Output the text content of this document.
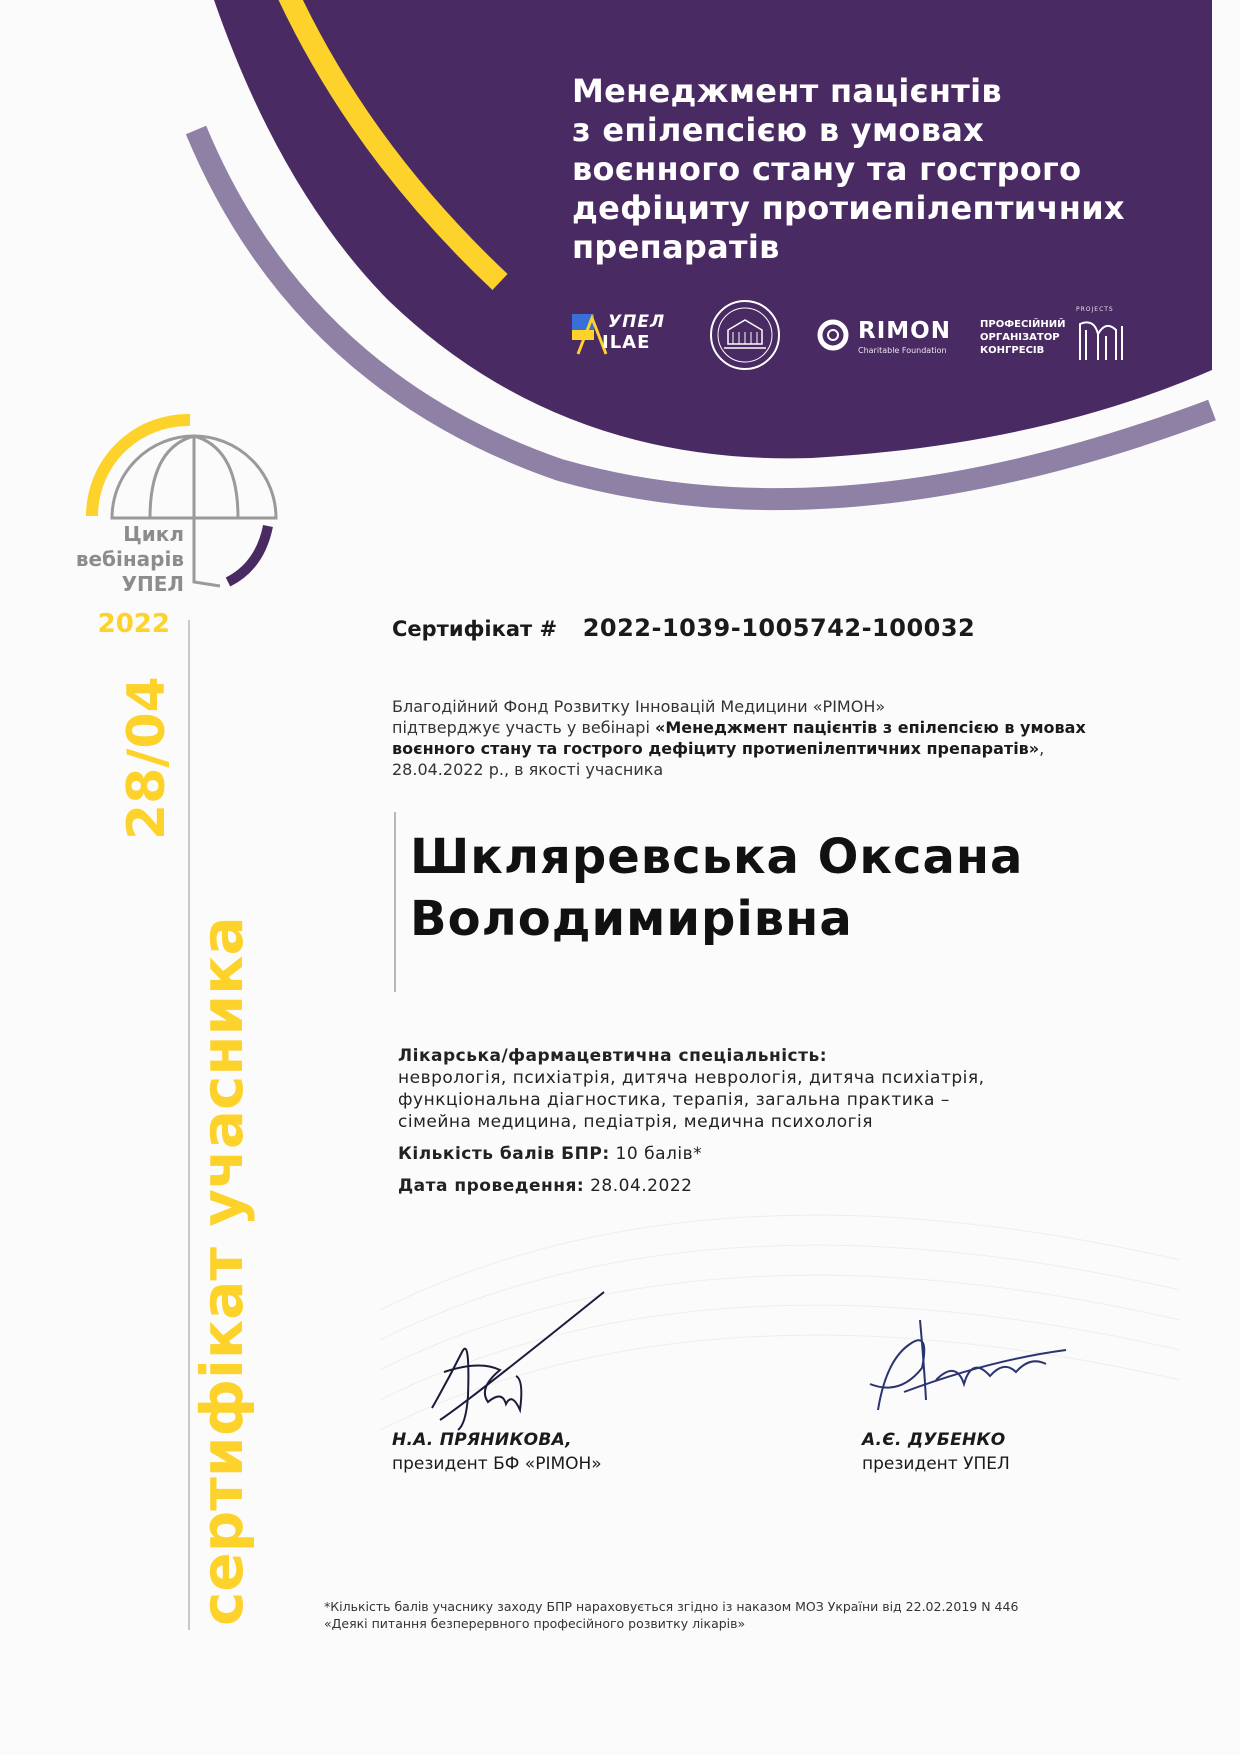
Менеджмент пацієнтів
з епілепсією в умовах
воєнного стану та гострого
дефіциту протиепілептичних
препаратів
УПЕЛ
ILAE	RIMON
Charitable Foundation
ПРОФЕСІЙНИЙ
ОРГАНІЗАТОР
КОНГРЕСІВ
PROJECTS
Цикл
вебінарів
УПЕЛ
2022
28/04
сертифікат учасника
Сертифікат # 2022-1039-1005742-100032
Благодійний Фонд Розвитку Інновацій Медицини «РІМОН»
підтверджує участь у вебінарі «Менеджмент пацієнтів з епілепсією в умовах воєнного стану та гострого дефіциту протиепілептичних препаратів», 28.04.2022 р., в якості учасника
Шкляревська Оксана
Володимирівна
Лікарська/фармацевтична спеціальність:
неврологія, психіатрія, дитяча неврологія, дитяча психіатрія,
функціональна діагностика, терапія, загальна практика –
сімейна медицина, педіатрія, медична психологія
Кількість балів БПР: 10 балів*
Дата проведення: 28.04.2022
Н.А. ПРЯНИКОВА,
президент БФ «РІМОН»
А.Є. ДУБЕНКО
президент УПЕЛ
*Кількість балів учаснику заходу БПР нараховується згідно із наказом МОЗ України від 22.02.2019 N 446
«Деякі питання безперервного професійного розвитку лікарів»
